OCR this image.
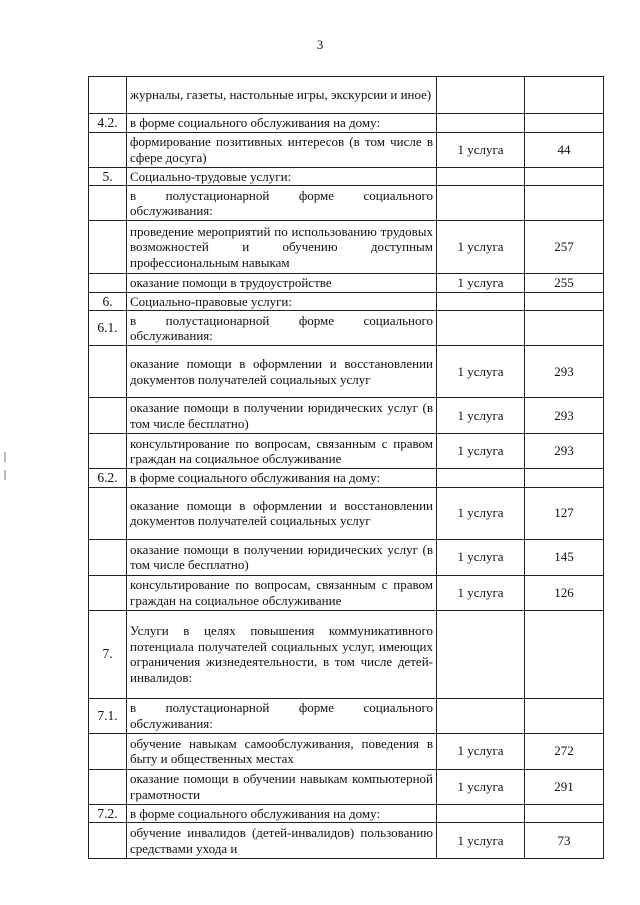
3
	журналы, газеты, настольные игры, экскурсии и иное)		
4.2.	в форме социального обслуживания на дому:		
	формирование позитивных интересов (в том числе в сфере досуга)	1 услуга	44
5.	Социально-трудовые услуги:		
	в полустационарной форме социального обслуживания:		
	проведение мероприятий по использованию трудовых возможностей и обучению доступным профессиональным навыкам	1 услуга	257
	оказание помощи в трудоустройстве	1 услуга	255
6.	Социально-правовые услуги:		
6.1.	в полустационарной форме социального обслуживания:		
	оказание помощи в оформлении и восстановлении документов получателей социальных услуг	1 услуга	293
	оказание помощи в получении юридических услуг (в том числе бесплатно)	1 услуга	293
	консультирование по вопросам, связанным с правом граждан на социальное обслуживание	1 услуга	293
6.2.	в форме социального обслуживания на дому:		
	оказание помощи в оформлении и восстановлении документов получателей социальных услуг	1 услуга	127
	оказание помощи в получении юридических услуг (в том числе бесплатно)	1 услуга	145
	консультирование по вопросам, связанным с правом граждан на социальное обслуживание	1 услуга	126
7.	Услуги в целях повышения коммуникативного потенциала получателей социальных услуг, имеющих ограничения жизнедеятельности, в том числе детей-инвалидов:		
7.1.	в полустационарной форме социального обслуживания:		
	обучение навыкам самообслуживания, поведения в быту и общественных местах	1 услуга	272
	оказание помощи в обучении навыкам компьютерной грамотности	1 услуга	291
7.2.	в форме социального обслуживания на дому:		
	обучение инвалидов (детей-инвалидов) пользованию средствами ухода и	1 услуга	73
